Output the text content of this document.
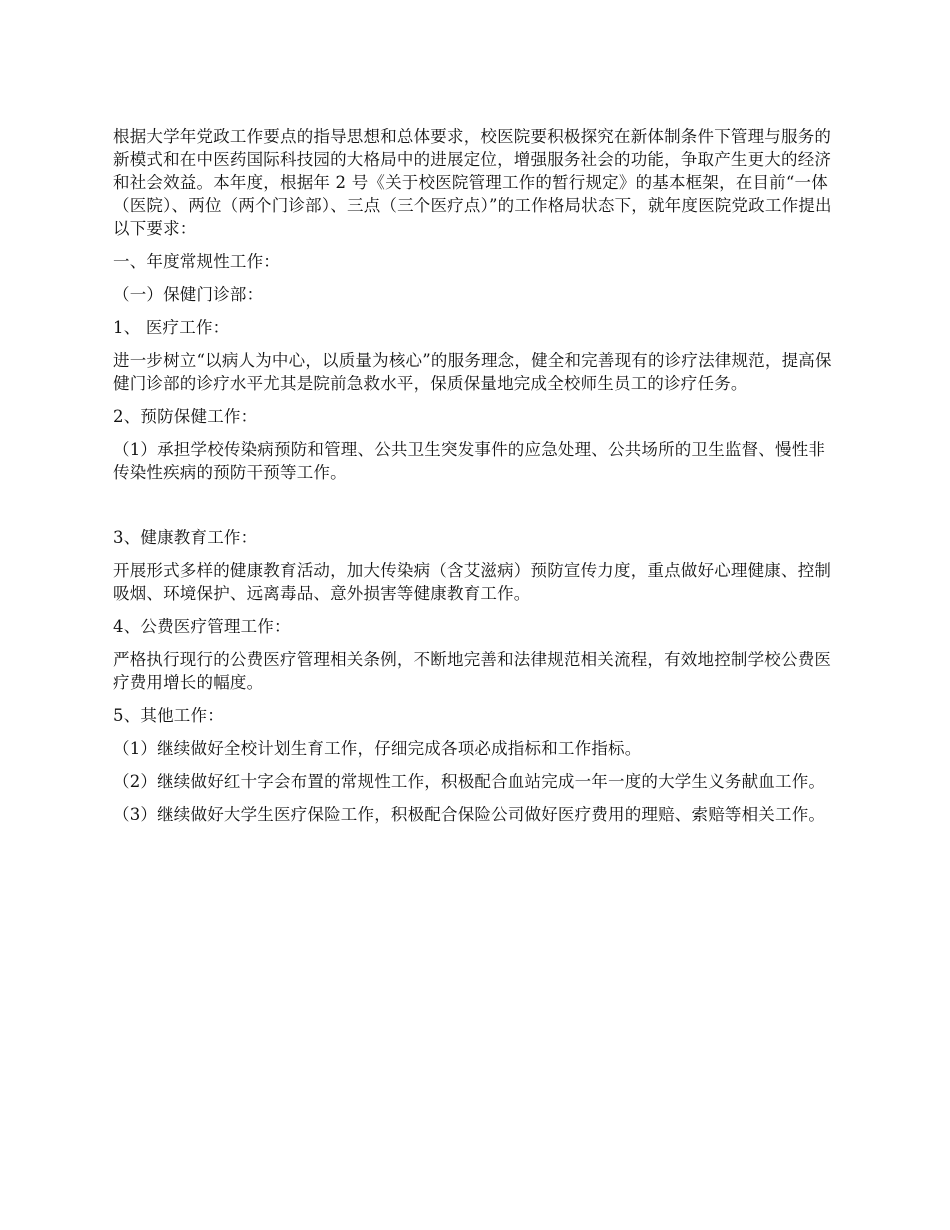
根据大学年党政工作要点的指导思想和总体要求，校医院要积极探究在新体制条件下管理与服务的新模式和在中医药国际科技园的大格局中的进展定位，增强服务社会的功能，争取产生更大的经济和社会效益。本年度，根据年 2 号《关于校医院管理工作的暂行规定》的基本框架，在目前“一体（医院）、两位（两个门诊部）、三点（三个医疗点）”的工作格局状态下，就年度医院党政工作提出以下要求：

一、年度常规性工作：

（一）保健门诊部：

1、 医疗工作：

进一步树立“以病人为中心，以质量为核心”的服务理念，健全和完善现有的诊疗法律规范，提高保健门诊部的诊疗水平尤其是院前急救水平，保质保量地完成全校师生员工的诊疗任务。

2、预防保健工作：

（1）承担学校传染病预防和管理、公共卫生突发事件的应急处理、公共场所的卫生监督、慢性非传染性疾病的预防干预等工作。

3、健康教育工作：

开展形式多样的健康教育活动，加大传染病（含艾滋病）预防宣传力度，重点做好心理健康、控制吸烟、环境保护、远离毒品、意外损害等健康教育工作。

4、公费医疗管理工作：

严格执行现行的公费医疗管理相关条例，不断地完善和法律规范相关流程，有效地控制学校公费医疗费用增长的幅度。

5、其他工作：

（1）继续做好全校计划生育工作，仔细完成各项必成指标和工作指标。

（2）继续做好红十字会布置的常规性工作，积极配合血站完成一年一度的大学生义务献血工作。

（3）继续做好大学生医疗保险工作，积极配合保险公司做好医疗费用的理赔、索赔等相关工作。
